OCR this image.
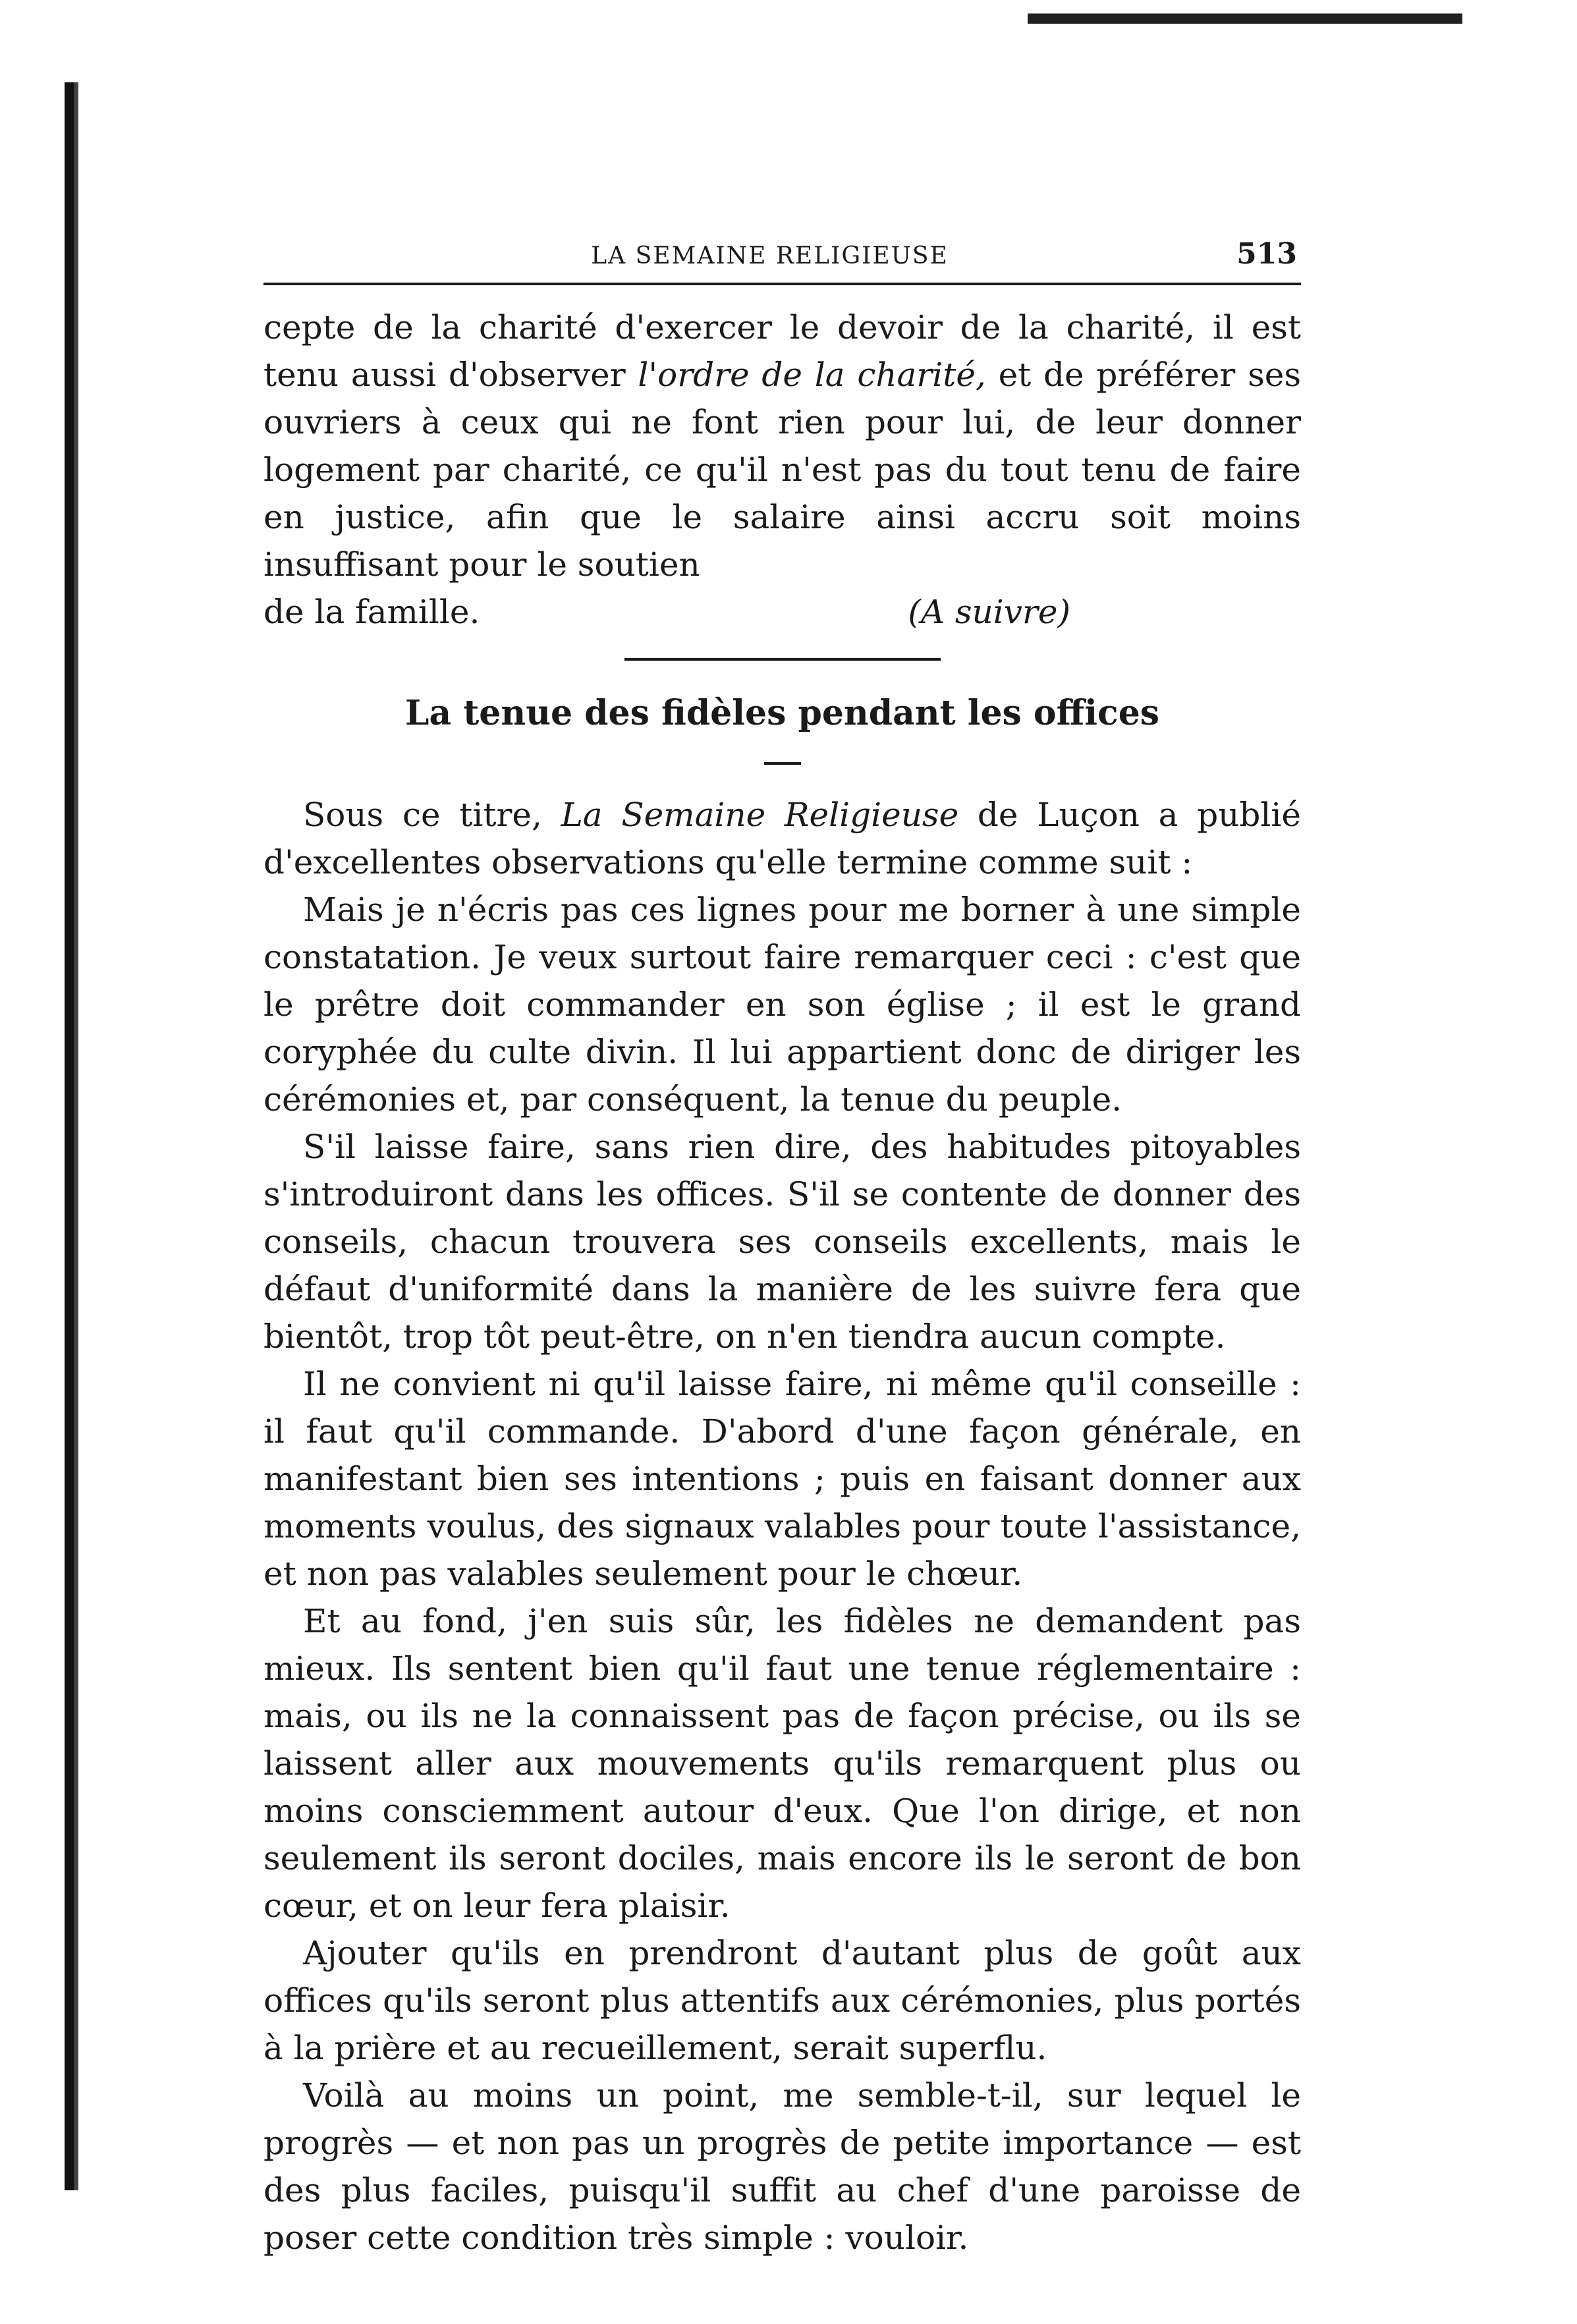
LA SEMAINE RELIGIEUSE	513

cepte de la charité d'exercer le devoir de la charité, il est tenu aussi d'observer l'ordre de la charité, et de préférer ses ouvriers à ceux qui ne font rien pour lui, de leur donner logement par charité, ce qu'il n'est pas du tout tenu de faire en justice, afin que le salaire ainsi accru soit moins insuffisant pour le soutien

de la famille.	(A suivre)
La tenue des fidèles pendant les offices

Sous ce titre, La Semaine Religieuse de Luçon a publié d'excellentes observations qu'elle termine comme suit :

Mais je n'écris pas ces lignes pour me borner à une simple constatation. Je veux surtout faire remarquer ceci : c'est que le prêtre doit commander en son église ; il est le grand coryphée du culte divin. Il lui appartient donc de diriger les cérémonies et, par conséquent, la tenue du peuple.

S'il laisse faire, sans rien dire, des habitudes pitoyables s'introduiront dans les offices. S'il se contente de donner des conseils, chacun trouvera ses conseils excellents, mais le défaut d'uniformité dans la manière de les suivre fera que bientôt, trop tôt peut-être, on n'en tiendra aucun compte.

Il ne convient ni qu'il laisse faire, ni même qu'il conseille : il faut qu'il commande. D'abord d'une façon générale, en manifestant bien ses intentions ; puis en faisant donner aux moments voulus, des signaux valables pour toute l'assistance, et non pas valables seulement pour le chœur.

Et au fond, j'en suis sûr, les fidèles ne demandent pas mieux. Ils sentent bien qu'il faut une tenue réglementaire : mais, ou ils ne la connaissent pas de façon précise, ou ils se laissent aller aux mouvements qu'ils remarquent plus ou moins consciemment autour d'eux. Que l'on dirige, et non seulement ils seront dociles, mais encore ils le seront de bon cœur, et on leur fera plaisir.

Ajouter qu'ils en prendront d'autant plus de goût aux offices qu'ils seront plus attentifs aux cérémonies, plus portés à la prière et au recueillement, serait superflu.

Voilà au moins un point, me semble-t-il, sur lequel le progrès — et non pas un progrès de petite importance — est des plus faciles, puisqu'il suffit au chef d'une paroisse de poser cette condition très simple : vouloir.
